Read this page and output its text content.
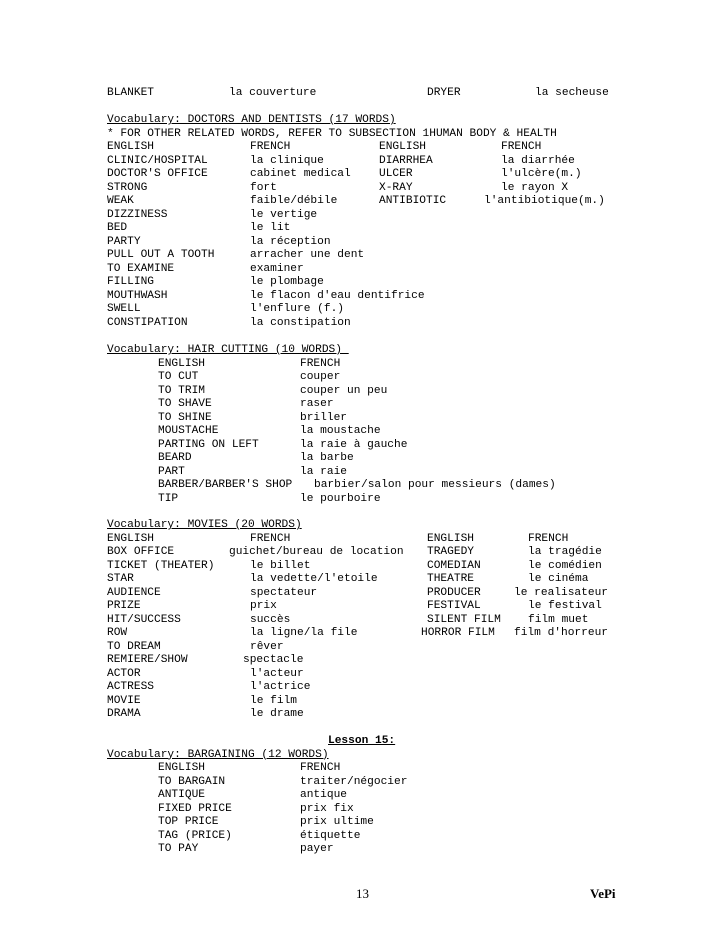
BLANKET	la couverture	DRYER	la secheuse
Vocabulary: DOCTORS AND DENTISTS (17 WORDS)
* FOR OTHER RELATED WORDS, REFER TO SUBSECTION 1HUMAN BODY & HEALTH
ENGLISH	FRENCH	ENGLISH	FRENCH
CLINIC/HOSPITAL	la clinique	DIARRHEA	la diarrhée
DOCTOR'S OFFICE	cabinet medical	ULCER	l'ulcère(m.)
STRONG	fort	X-RAY	le rayon X
WEAK	faible/débile	ANTIBIOTIC	l'antibiotique(m.)
DIZZINESS	le vertige
BED	le lit
PARTY	la réception
PULL OUT A TOOTH	arracher une dent
TO EXAMINE	examiner
FILLING	le plombage
MOUTHWASH	le flacon d'eau dentifrice
SWELL	l'enflure (f.)
CONSTIPATION	la constipation
Vocabulary: HAIR CUTTING (10 WORDS)
ENGLISH	FRENCH
TO CUT	couper
TO TRIM	couper un peu
TO SHAVE	raser
TO SHINE	briller
MOUSTACHE	la moustache
PARTING ON LEFT	la raie à gauche
BEARD	la barbe
PART	la raie
BARBER/BARBER'S SHOP barbier/salon pour messieurs (dames)
TIP	le pourboire
Vocabulary: MOVIES (20 WORDS)
ENGLISH	FRENCH	ENGLISH	FRENCH
BOX OFFICE	guichet/bureau de location TRAGEDY	la tragédie
TICKET (THEATER)	le billet	COMEDIAN	le comédien
STAR	la vedette/l'etoile	THEATRE	le cinéma
AUDIENCE	spectateur	PRODUCER	le realisateur
PRIZE	prix	FESTIVAL	le festival
HIT/SUCCESS	succès	SILENT FILM film muet
ROW	la ligne/la file	HORROR FILM film d'horreur
TO DREAM	rêver
REMIERE/SHOW	spectacle
ACTOR	l'acteur
ACTRESS	l'actrice
MOVIE	le film
DRAMA	le drame
Lesson 15:
Vocabulary: BARGAINING (12 WORDS)
ENGLISH	FRENCH
TO BARGAIN	traiter/négocier
ANTIQUE	antique
FIXED PRICE	prix fix
TOP PRICE	prix ultime
TAG (PRICE)	étiquette
TO PAY	payer
13	VePi
